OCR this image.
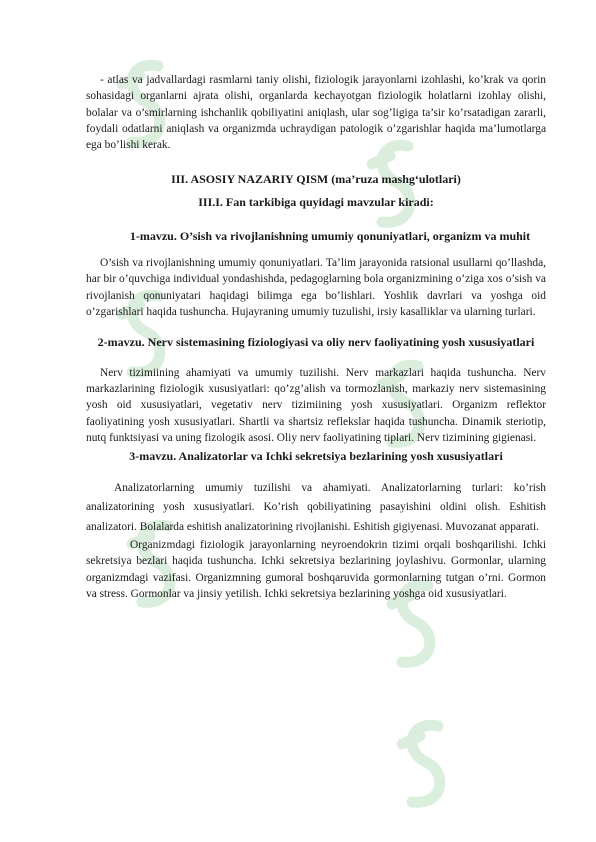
- atlas va jadvallardagi rasmlarni taniy olishi, fiziologik jarayonlarni izohlashi, ko’krak va qorin sohasidagi organlarni ajrata olishi, organlarda kechayotgan fiziologik holatlarni izohlay olishi, bolalar va o’smirlarning ishchanlik qobiliyatini aniqlash, ular sog’ligiga ta’sir ko’rsatadigan zararli, foydali odatlarni aniqlash va organizmda uchraydigan patologik o’zgarishlar haqida ma’lumotlarga ega bo’lishi kerak.

III. ASOSIY NAZARIY QISM (ma’ruza mashg‘ulotlari)

III.I. Fan tarkibiga quyidagi mavzular kiradi:

1-mavzu. O’sish va rivojlanishning umumiy qonuniyatlari, organizm va muhit

O’sish va rivojlanishning umumiy qonuniyatlari. Ta’lim jarayonida ratsional usullarni qo’llashda, har bir o’quvchiga individual yondashishda, pedagoglarning bola organizmining o’ziga xos o’sish va rivojlanish qonuniyatari haqidagi bilimga ega bo’lishlari. Yoshlik davrlari va yoshga oid o’zgarishlari haqida tushuncha. Hujayraning umumiy tuzulishi, irsiy kasalliklar va ularning turlari.

2-mavzu. Nerv sistemasining fiziologiyasi va oliy nerv faoliyatining yosh xususiyatlari

Nerv tizimiining ahamiyati va umumiy tuzilishi. Nerv markazlari haqida tushuncha. Nerv markazlarining fiziologik xususiyatlari: qo’zg’alish va tormozlanish, markaziy nerv sistemasining yosh oid xususiyatlari, vegetativ nerv tizimiining yosh xususiyatlari. Organizm reflektor faoliyatining yosh xususiyatlari. Shartli va shartsiz reflekslar haqida tushuncha. Dinamik steriotip, nutq funktsiyasi va uning fizologik asosi. Oliy nerv faoliyatining tiplari. Nerv tizimining gigienasi.

3-mavzu. Analizatorlar va Ichki sekretsiya bezlarining yosh xususiyatlari

Analizatorlarning umumiy tuzilishi va ahamiyati. Analizatorlarning turlari: ko’rish analizatorining yosh xususiyatlari. Ko’rish qobiliyatining pasayishini oldini olish. Eshitish analizatori. Bolalarda eshitish analizatorining rivojlanishi. Eshitish gigiyenasi. Muvozanat apparati.

Organizmdagi fiziologik jarayonlarning neyroendokrin tizimi orqali boshqarilishi. Ichki sekretsiya bezlari haqida tushuncha. Ichki sekretsiya bezlarining joylashivu. Gormonlar, ularning organizmdagi vazifasi. Organizmning gumoral boshqaruvida gormonlarning tutgan o’rni. Gormon va stress. Gormonlar va jinsiy yetilish. Ichki sekretsiya bezlarining yoshga oid xususiyatlari.
